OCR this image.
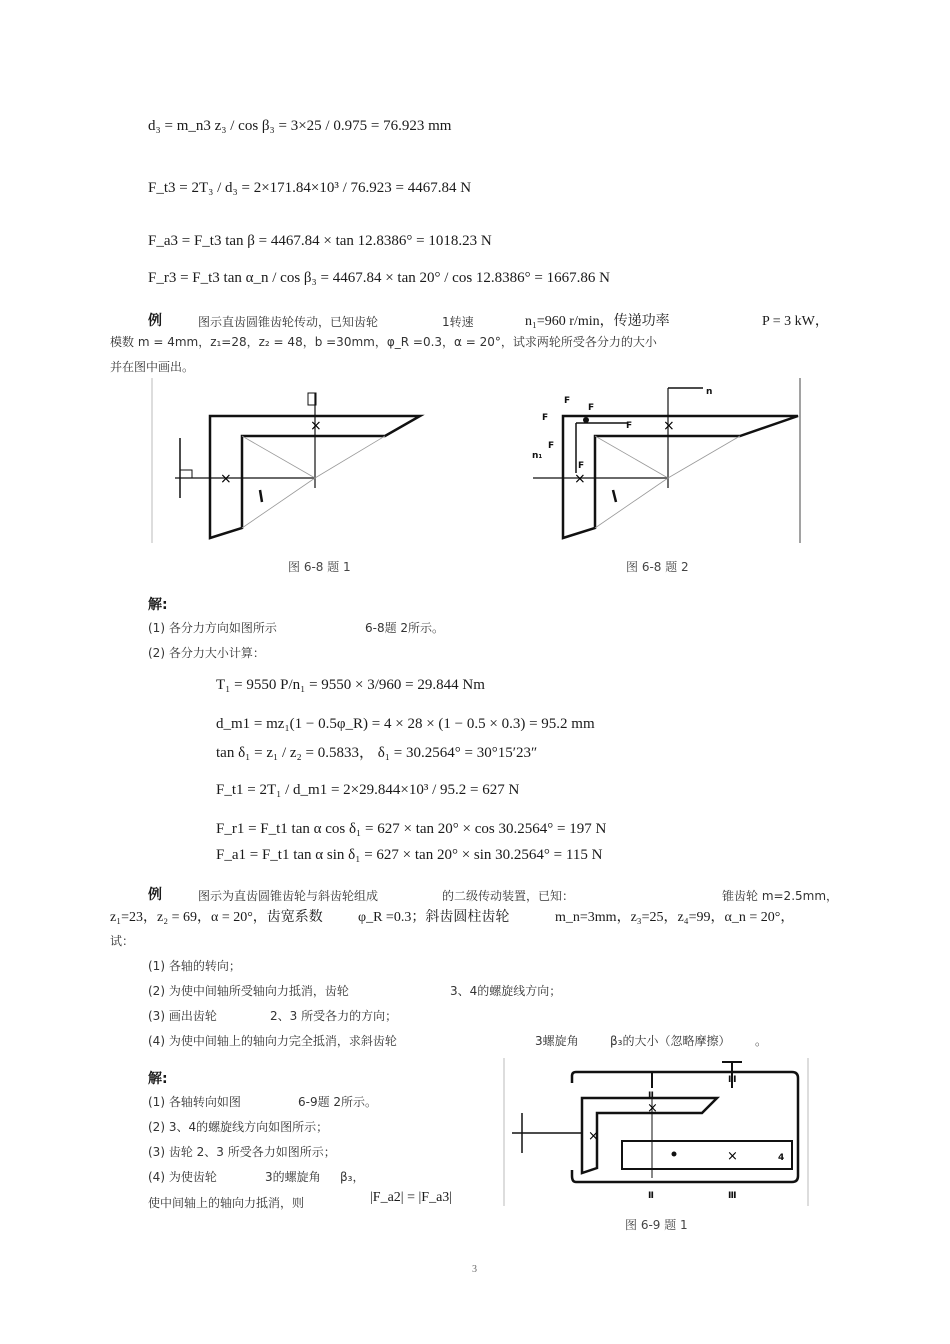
d₃ = m_n3 z₃ / cos β₃ = 3×25 / 0.975 = 76.923 mm
F_t3 = 2T₃ / d₃ = 2×171.84×10³ / 76.923 = 4467.84 N
F_a3 = F_t3 tan β = 4467.84 × tan 12.8386° = 1018.23 N
F_r3 = F_t3 tan α_n / cos β₃ = 4467.84 × tan 20° / cos 12.8386° = 1667.86 N
例	图示直齿圆锥齿轮传动，已知齿轮	1转速	n₁=960 r/min，传递功率	P = 3 kW，
模数 m = 4mm，z₁=28，z₂ = 48，b =30mm，φ_R =0.3，α = 20°，试求两轮所受各分力的大小
并在图中画出。
×
×
×
×
F
F
F
F
F
F
n
n₁
图 6-8 题 1	图 6-8 题 2
解:
(1) 各分力方向如图所示	6-8题 2所示。
(2) 各分力大小计算：
T₁ = 9550 P/n₁ = 9550 × 3/960 = 29.844 Nm
d_m1 = mz₁(1 − 0.5φ_R) = 4 × 28 × (1 − 0.5 × 0.3) = 95.2 mm
tan δ₁ = z₁ / z₂ = 0.5833， δ₁ = 30.2564° = 30°15′23″
F_t1 = 2T₁ / d_m1 = 2×29.844×10³ / 95.2 = 627 N
F_r1 = F_t1 tan α cos δ₁ = 627 × tan 20° × cos 30.2564° = 197 N
F_a1 = F_t1 tan α sin δ₁ = 627 × tan 20° × sin 30.2564° = 115 N
例	图示为直齿圆锥齿轮与斜齿轮组成	的二级传动装置，已知：	锥齿轮 m=2.5mm，
z₁=23，z₂ = 69，α = 20°，齿宽系数	φ_R =0.3；斜齿圆柱齿轮	m_n=3mm，z₃=25，z₄=99，α_n = 20°，
试：
(1) 各轴的转向；
(2) 为使中间轴所受轴向力抵消，齿轮	3、4的螺旋线方向；
(3) 画出齿轮	2、3 所受各力的方向；
(4) 为使中间轴上的轴向力完全抵消，求斜齿轮	3螺旋角	β₃的大小（忽略摩擦） 。
解:
(1) 各轴转向如图	6-9题 2所示。
(2) 3、4的螺旋线方向如图所示；
(3) 齿轮 2、3 所受各力如图所示；
(4) 为使齿轮	3的螺旋角 β₃，
使中间轴上的轴向力抵消，则	|F_a2| = |F_a3|
×
×
×
Ⅱ
Ⅱ
4
Ⅲ
Ⅲ
图 6-9 题 1
3
